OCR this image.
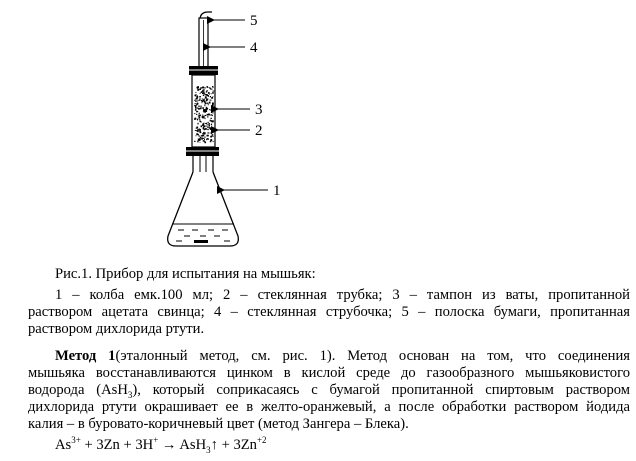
5
4
3
2
1
Рис.1. Прибор для испытания на мышьяк:
1 – колба емк.100 мл; 2 – стеклянная трубка; 3 – тампон из ваты, пропитанной
раствором ацетата свинца; 4 – стеклянная струбочка; 5 – полоска бумаги, пропитанная
раствором дихлорида ртути.
Метод 1(эталонный метод, см. рис. 1). Метод основан на том, что соединения
мышьяка восстанавливаются цинком в кислой среде до газообразного мышьяковистого
водорода (AsH$_3$), который соприкасаясь с бумагой пропитанной спиртовым раствором
дихлорида ртути окрашивает ее в желто-оранжевый, а после обработки раствором йодида
калия – в буровато-коричневый цвет (метод Зангера – Блека).
$As^{3+} + 3Zn + 3H^+$ → AsH$_3$↑ + $3Zn^{+2}$
